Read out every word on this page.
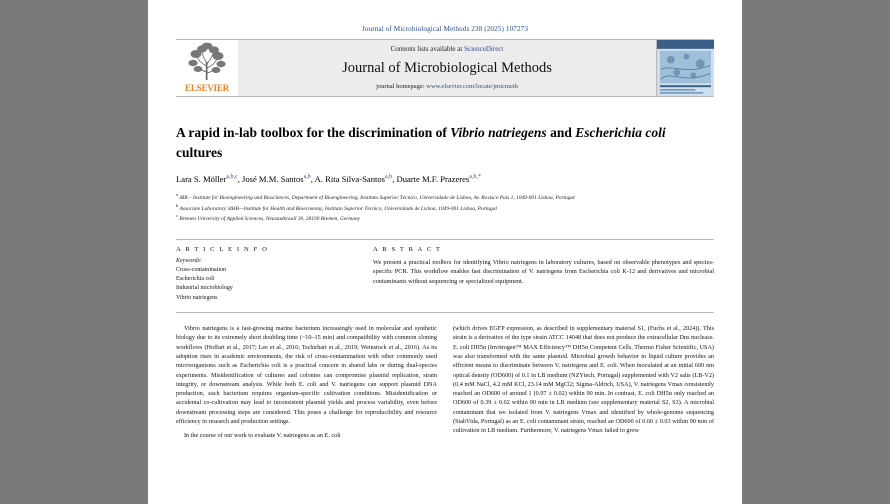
Journal of Microbiological Methods 238 (2025) 107273
ELSEVIER
Contents lists available at ScienceDirect
Journal of Microbiological Methods
journal homepage: www.elsevier.com/locate/jmicmeth
A rapid in-lab toolbox for the discrimination of Vibrio natriegens and Escherichia coli cultures
Lara S. Möller$^{a,b,c}$, José M.M. Santos$^{a,b}$, A. Rita Silva-Santos$^{a,b}$, Duarte M.F. Prazeres$^{a,b,*}$
$^a$ iBB – Institute for Bioengineering and Biosciences, Department of Bioengineering, Instituto Superior Técnico, Universidade de Lisboa, Av. Rovisco Pais 1, 1049-001 Lisboa, Portugal
$^b$ Associate Laboratory i4HB—Institute for Health and Bioeconomy, Instituto Superior Técnico, Universidade de Lisboa, 1049-001 Lisboa, Portugal
$^c$ Bremen University of Applied Sciences, Neustadtswall 30, 28199 Bremen, Germany
A R T I C L E I N F O
Keywords:
Cross-contamination
Escherichia coli
Industrial microbiology
Vibrio natriegens
A B S T R A C T
We present a practical toolbox for identifying Vibrio natriegens in laboratory cultures, based on observable phenotypes and species-specific PCR. This workflow enables fast discrimination of V. natriegens from Escherichia coli K-12 and derivatives and microbial contaminants without sequencing or specialized equipment.

Vibrio natriegens is a fast-growing marine bacterium increasingly used in molecular and synthetic biology due to its extremely short doubling time (~10–15 min) and compatibility with common cloning workflows (Hoffart et al., 2017; Lee et al., 2016; Tschirhart et al., 2019; Weinstock et al., 2016). As its adoption rises in academic environments, the risk of cross-contamination with other commonly used microorganisms such as Escherichia coli is a practical concern in shared labs or during dual-species experiments. Misidentification of cultures and colonies can compromise plasmid replication, strain integrity, or downstream analysis. While both E. coli and V. natriegens can support plasmid DNA production, each bacterium requires organism-specific cultivation conditions. Misidentification or accidental co-cultivation may lead to inconsistent plasmid yields and process variability, even before downstream processing steps are considered. This poses a challenge for reproducibility and resource efficiency in research and production settings.

In the course of our work to evaluate V. natriegens as an E. coli

(which drives EGFP expression, as described in supplementary material S1, (Fuchs et al., 2024)). This strain is a derivative of the type strain ATCC 14048 that does not produce the extracellular Dns nuclease. E. coli DH5α (Invitrogen™ MAX Efficiency™ DH5α Competent Cells, Thermo Fisher Scientific, USA) was also transformed with the same plasmid. Microbial growth behavior in liquid culture provides an efficient means to discriminate between V. natriegens and E. coli. When inoculated at an initial 600 nm optical density (OD600) of 0.1 in LB medium (NZYtech, Portugal) supplemented with V2 salts (LB-V2)(0.4 mM NaCl, 4.2 mM KCl, 23.14 mM MgCl2; Sigma-Aldrich, USA), V. natriegens Vmax consistently reached an OD600 of around 1 (0.97 ± 0.02) within 90 min. In contrast, E. coli DH5α only reached an OD600 of 0.39 ± 0.02 within 90 min in LB medium (see supplementary material S2, S3). A microbial contaminant that we isolated from V. natriegens Vmax and identified by whole-genome sequencing (StabVida, Portugal) as an E. coli contaminant strain, reached an OD600 of 0.60 ± 0.03 within 90 min of cultivation in LB medium. Furthermore, V. natriegens Vmax failed to grow
